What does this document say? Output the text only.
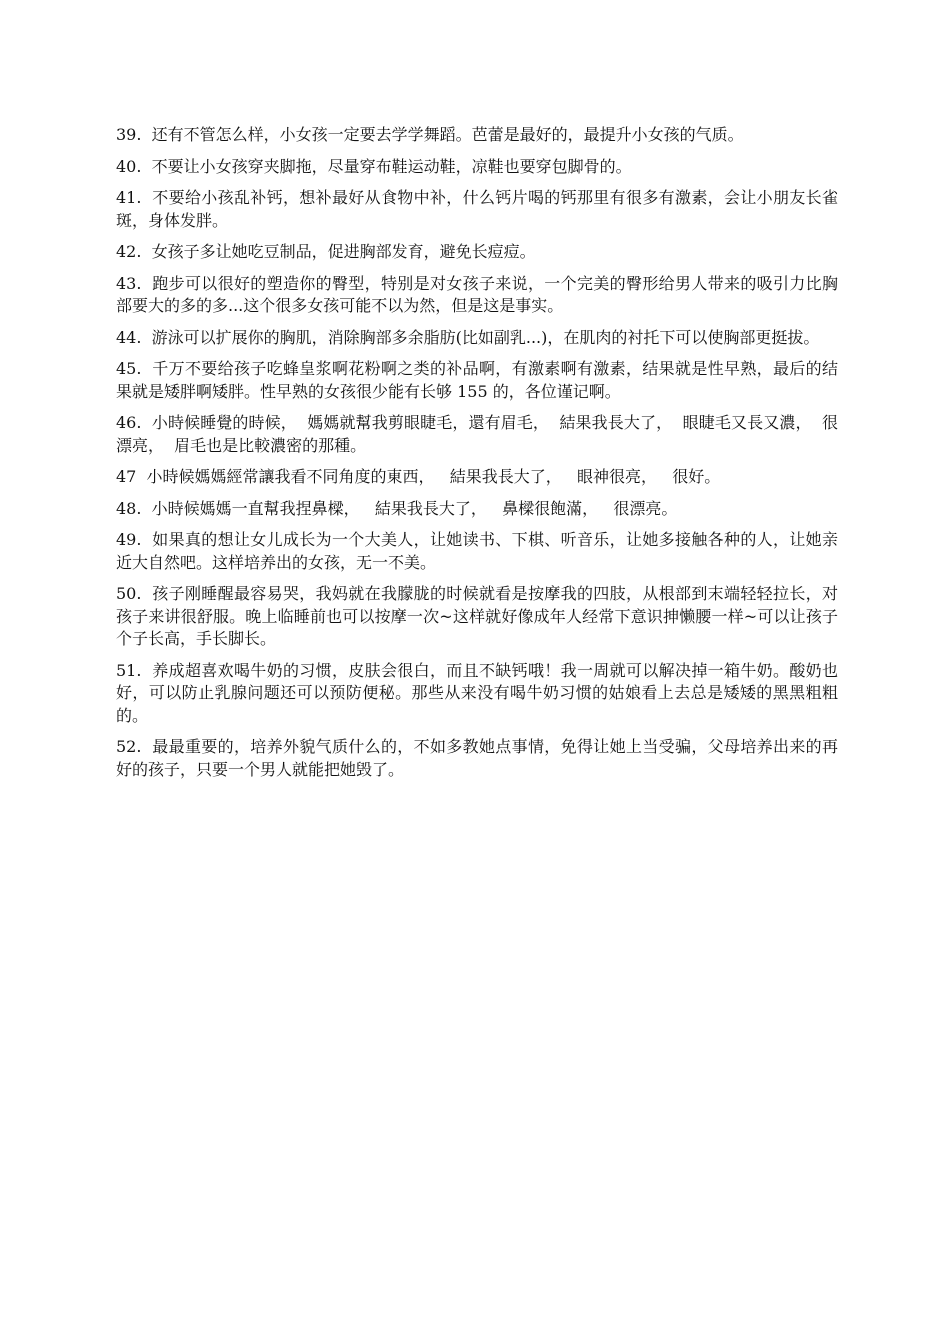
39.  还有不管怎么样，小女孩一定要去学学舞蹈。芭蕾是最好的，最提升小女孩的气质。

40.  不要让小女孩穿夹脚拖，尽量穿布鞋运动鞋，凉鞋也要穿包脚骨的。

41.  不要给小孩乱补钙，想补最好从食物中补，什么钙片喝的钙那里有很多有激素，会让小朋友长雀斑，身体发胖。

42.  女孩子多让她吃豆制品，促进胸部发育，避免长痘痘。

43.  跑步可以很好的塑造你的臀型，特别是对女孩子来说，一个完美的臀形给男人带来的吸引力比胸部要大的多的多...这个很多女孩可能不以为然，但是这是事实。

44.  游泳可以扩展你的胸肌，消除胸部多余脂肪(比如副乳...)，在肌肉的衬托下可以使胸部更挺拔。

45.  千万不要给孩子吃蜂皇浆啊花粉啊之类的补品啊，有激素啊有激素，结果就是性早熟，最后的结果就是矮胖啊矮胖。性早熟的女孩很少能有长够 155 的，各位谨记啊。

46.  小時候睡覺的時候，  媽媽就幫我剪眼睫毛，還有眉毛，  結果我長大了，  眼睫毛又長又濃，  很漂亮，  眉毛也是比較濃密的那種。

47  小時候媽媽經常讓我看不同角度的東西，   結果我長大了，   眼神很亮，   很好。

48.  小時候媽媽一直幫我捏鼻樑，   結果我長大了，   鼻樑很飽滿，   很漂亮。

49.  如果真的想让女儿成长为一个大美人，让她读书、下棋、听音乐，让她多接触各种的人，让她亲近大自然吧。这样培养出的女孩，无一不美。

50.  孩子刚睡醒最容易哭，我妈就在我朦胧的时候就看是按摩我的四肢，从根部到末端轻轻拉长，对孩子来讲很舒服。晚上临睡前也可以按摩一次~这样就好像成年人经常下意识抻懒腰一样~可以让孩子个子长高，手长脚长。

51.  养成超喜欢喝牛奶的习惯，皮肤会很白，而且不缺钙哦！我一周就可以解决掉一箱牛奶。酸奶也好，可以防止乳腺问题还可以预防便秘。那些从来没有喝牛奶习惯的姑娘看上去总是矮矮的黑黑粗粗的。

52.  最最重要的，培养外貌气质什么的，不如多教她点事情，免得让她上当受骗，父母培养出来的再好的孩子，只要一个男人就能把她毁了。
